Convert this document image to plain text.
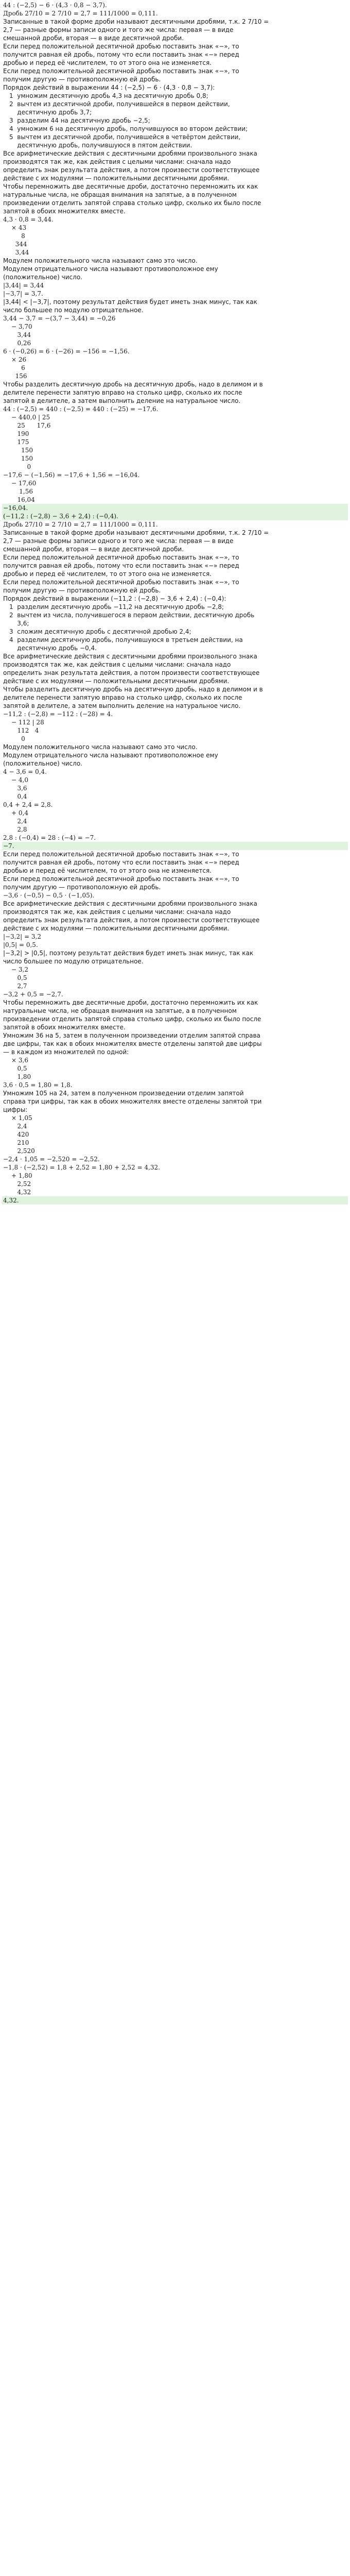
44 : (−2,5) − 6 · (4,3 · 0,8 − 3,7).
Дробь 27/10 = 2 7/10 = 2,7 = 111/1000 = 0,111.
Записанные в такой форме дроби называют десятичными дробями, т.к. 2 7/10 =
2,7 — разные формы записи одного и того же числа: первая — в виде
смешанной дроби, вторая — в виде десятичной дроби.
Если перед положительной десятичной дробью поставить знак «−», то
получится равная ей дробь, потому что если поставить знак «−» перед
дробью и перед её числителем, то от этого она не изменяется.
Если перед положительной десятичной дробью поставить знак «−», то
получим другую — противоположную ей дробь.
Порядок действий в выражении 44 : (−2,5) − 6 · (4,3 · 0,8 − 3,7):
1  умножим десятичную дробь 4,3 на десятичную дробь 0,8;
2  вычтем из десятичной дроби, получившейся в первом действии,
десятичную дробь 3,7;
3  разделим 44 на десятичную дробь −2,5;
4  умножим 6 на десятичную дробь, получившуюся во втором действии;
5  вычтем из десятичной дроби, получившейся в четвёртом действии,
десятичную дробь, получившуюся в пятом действии.
Все арифметические действия с десятичными дробями произвольного знака
производятся так же, как действия с целыми числами: сначала надо
определить знак результата действия, а потом произвести соответствующее
действие с их модулями — положительными десятичными дробями.
Чтобы перемножить две десятичные дроби, достаточно перемножить их как
натуральные числа, не обращая внимания на запятые, а в полученном
произведении отделить запятой справа столько цифр, сколько их было после
запятой в обоих множителях вместе.
4,3 · 0,8 = 3,44.
× 43
8
344
3,44
Модулем положительного числа называют само это число.
Модулем отрицательного числа называют противоположное ему
(положительное) число.
|3,44| = 3,44
|−3,7| = 3,7.
|3,44| < |−3,7|, поэтому результат действия будет иметь знак минус, так как
число большее по модулю отрицательное.
3,44 − 3,7 = −(3,7 − 3,44) = −0,26
− 3,70
3,44
0,26
6 · (−0,26) = 6 · (−26) = −156 = −1,56.
× 26
6
156
Чтобы разделить десятичную дробь на десятичную дробь, надо в делимом и в
делителе перенести запятую вправо на столько цифр, сколько их после
запятой в делителе, а затем выполнить деление на натуральное число.
44 : (−2,5) = 440 : (−2,5) = 440 : (−25) = −17,6.
− 440,0 | 25
25      17,6
190
175
150
150
0
−17,6 − (−1,56) = −17,6 + 1,56 = −16,04.
− 17,60
1,56
16,04
−16,04.
(−11,2 : (−2,8) − 3,6 + 2,4) : (−0,4).
Дробь 27/10 = 2 7/10 = 2,7 = 111/1000 = 0,111.
Записанные в такой форме дроби называют десятичными дробями, т.к. 2 7/10 =
2,7 — разные формы записи одного и того же числа: первая — в виде
смешанной дроби, вторая — в виде десятичной дроби.
Если перед положительной десятичной дробью поставить знак «−», то
получится равная ей дробь, потому что если поставить знак «−» перед
дробью и перед её числителем, то от этого она не изменяется.
Если перед положительной десятичной дробью поставить знак «−», то
получим другую — противоположную ей дробь.
Порядок действий в выражении (−11,2 : (−2,8) − 3,6 + 2,4) : (−0,4):
1  разделим десятичную дробь −11,2 на десятичную дробь −2,8;
2  вычтем из числа, получившегося в первом действии, десятичную дробь
3,6;
3  сложим десятичную дробь с десятичной дробью 2,4;
4  разделим десятичную дробь, получившуюся в третьем действии, на
десятичную дробь −0,4.
Все арифметические действия с десятичными дробями произвольного знака
производятся так же, как действия с целыми числами: сначала надо
определить знак результата действия, а потом произвести соответствующее
действие с их модулями — положительными десятичными дробями.
Чтобы разделить десятичную дробь на десятичную дробь, надо в делимом и в
делителе перенести запятую вправо на столько цифр, сколько их после
запятой в делителе, а затем выполнить деление на натуральное число.
−11,2 : (−2,8) = −112 : (−28) = 4.
− 112 | 28
112   4
0
Модулем положительного числа называют само это число.
Модулем отрицательного числа называют противоположное ему
(положительное) число.
4 − 3,6 = 0,4.
− 4,0
3,6
0,4
0,4 + 2,4 = 2,8.
+ 0,4
2,4
2,8
2,8 : (−0,4) = 28 : (−4) = −7.
−7.
Если перед положительной десятичной дробью поставить знак «−», то
получится равная ей дробь, потому что если поставить знак «−» перед
дробью и перед её числителем, то от этого она не изменяется.
Если перед положительной десятичной дробью поставить знак «−», то
получим другую — противоположную ей дробь.
−3,6 · (−0,5) − 0,5 · (−1,05).
Все арифметические действия с десятичными дробями произвольного знака
производятся так же, как действия с целыми числами: сначала надо
определить знак результата действия, а потом произвести соответствующее
действие с их модулями — положительными десятичными дробями.
|−3,2| = 3,2
|0,5| = 0,5.
|−3,2| > |0,5|, поэтому результат действия будет иметь знак минус, так как
число большее по модулю отрицательное.
− 3,2
0,5
2,7
−3,2 + 0,5 = −2,7.
Чтобы перемножить две десятичные дроби, достаточно перемножить их как
натуральные числа, не обращая внимания на запятые, а в полученном
произведении отделить запятой справа столько цифр, сколько их было после
запятой в обоих множителях вместе.
Умножим 36 на 5, затем в полученном произведении отделим запятой справа
две цифры, так как в обоих множителях вместе отделены запятой две цифры
— в каждом из множителей по одной:
× 3,6
0,5
1,80
3,6 · 0,5 = 1,80 = 1,8.
Умножим 105 на 24, затем в полученном произведении отделим запятой
справа три цифры, так как в обоих множителях вместе отделены запятой три
цифры:
× 1,05
2,4
420
210
2,520
−2,4 · 1,05 = −2,520 = −2,52.
−1,8 · (−2,52) = 1,8 + 2,52 = 1,80 + 2,52 = 4,32.
+ 1,80
2,52
4,32
4,32.
